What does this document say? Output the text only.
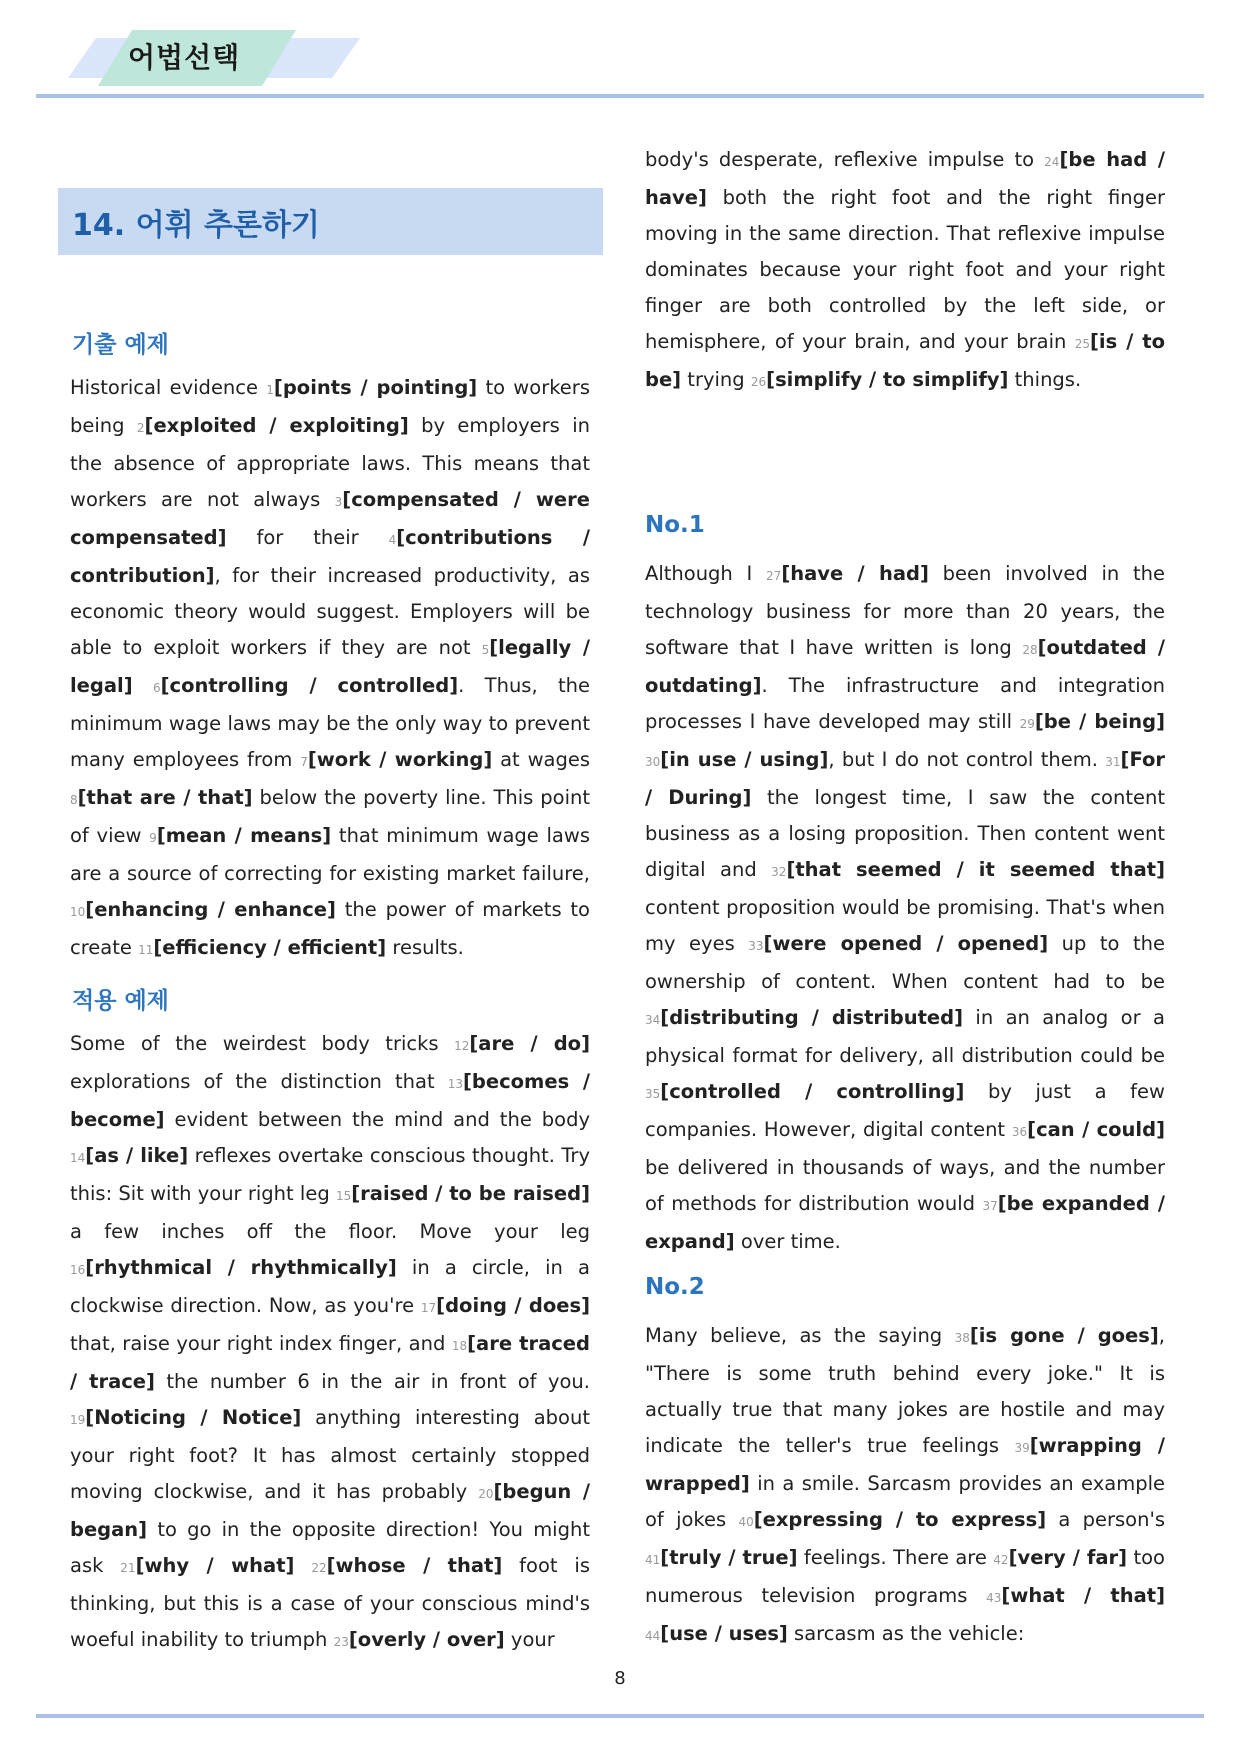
어법선택
14. 어휘 추론하기
기출 예제
Historical evidence 1[points / pointing] to workers being 2[exploited / exploiting] by employers in the absence of appropriate laws. This means that workers are not always 3[compensated / were compensated] for their 4[contributions / contribution], for their increased productivity, as economic theory would suggest. Employers will be able to exploit workers if they are not 5[legally / legal] 6[controlling / controlled]. Thus, the minimum wage laws may be the only way to prevent many employees from 7[work / working] at wages 8[that are / that] below the poverty line. This point of view 9[mean / means] that minimum wage laws are a source of correcting for existing market failure, 10[enhancing / enhance] the power of markets to create 11[efficiency / efficient] results.
적용 예제
Some of the weirdest body tricks 12[are / do] explorations of the distinction that 13[becomes / become] evident between the mind and the body 14[as / like] reflexes overtake conscious thought. Try this: Sit with your right leg 15[raised / to be raised] a few inches off the floor. Move your leg 16[rhythmical / rhythmically] in a circle, in a clockwise direction. Now, as you're 17[doing / does] that, raise your right index finger, and 18[are traced / trace] the number 6 in the air in front of you. 19[Noticing / Notice] anything interesting about your right foot? It has almost certainly stopped moving clockwise, and it has probably 20[begun / began] to go in the opposite direction! You might ask 21[why / what] 22[whose / that] foot is thinking, but this is a case of your conscious mind's woeful inability to triumph 23[overly / over] your
body's desperate, reflexive impulse to 24[be had / have] both the right foot and the right finger moving in the same direction. That reflexive impulse dominates because your right foot and your right finger are both controlled by the left side, or hemisphere, of your brain, and your brain 25[is / to be] trying 26[simplify / to simplify] things.
No.1
Although I 27[have / had] been involved in the technology business for more than 20 years, the software that I have written is long 28[outdated / outdating]. The infrastructure and integration processes I have developed may still 29[be / being] 30[in use / using], but I do not control them. 31[For / During] the longest time, I saw the content business as a losing proposition. Then content went digital and 32[that seemed / it seemed that] content proposition would be promising. That's when my eyes 33[were opened / opened] up to the ownership of content. When content had to be 34[distributing / distributed] in an analog or a physical format for delivery, all distribution could be 35[controlled / controlling] by just a few companies. However, digital content 36[can / could] be delivered in thousands of ways, and the number of methods for distribution would 37[be expanded / expand] over time.
No.2
Many believe, as the saying 38[is gone / goes], "There is some truth behind every joke." It is actually true that many jokes are hostile and may indicate the teller's true feelings 39[wrapping / wrapped] in a smile. Sarcasm provides an example of jokes 40[expressing / to express] a person's 41[truly / true] feelings. There are 42[very / far] too numerous television programs 43[what / that] 44[use / uses] sarcasm as the vehicle:
8
